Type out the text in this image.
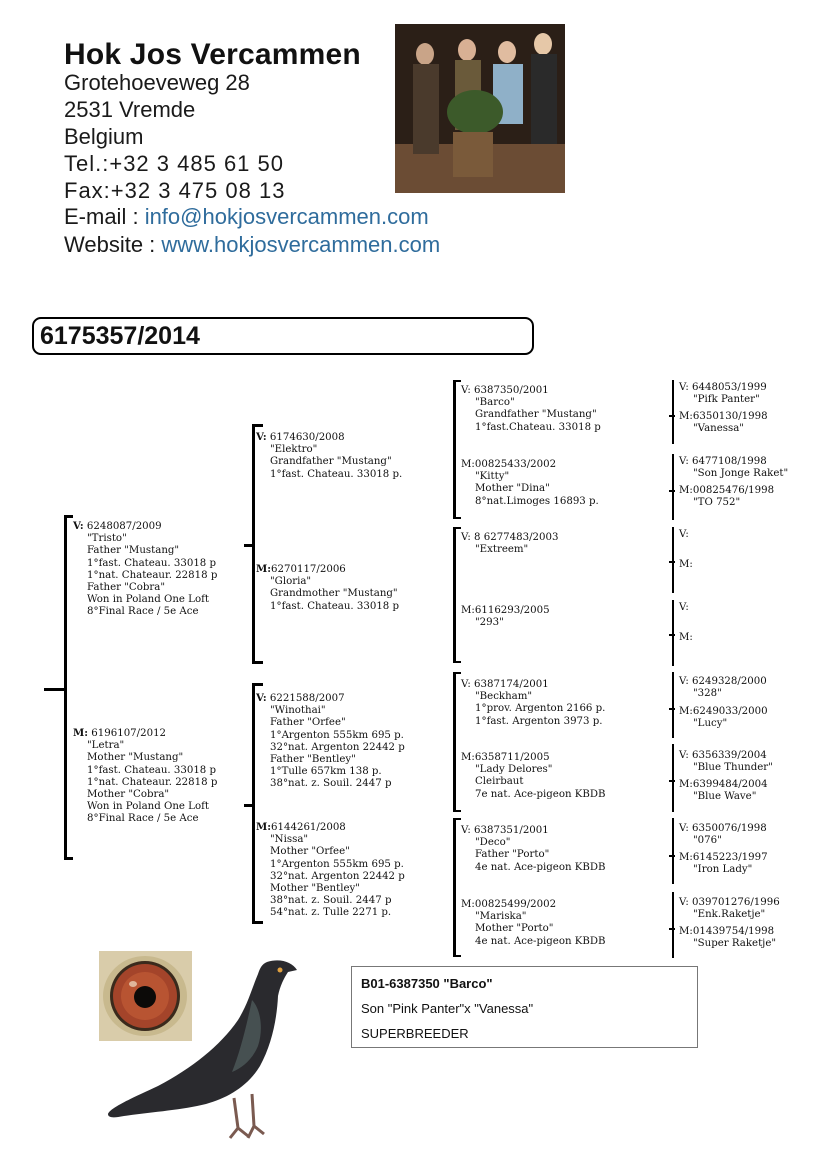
Hok Jos Vercammen
Grotehoeveweg 28
2531 Vremde
Belgium
Tel.:+32 3 485 61 50
Fax:+32 3 475 08 13
E-mail : info@hokjosvercammen.com
Website : www.hokjosvercammen.com
6175357/2014
V: 6248087/2009
"Tristo"
Father "Mustang"
1°fast. Chateau. 33018 p
1°nat. Chateaur. 22818 p
Father "Cobra"
Won in Poland One Loft
8°Final Race / 5e Ace
M: 6196107/2012
"Letra"
Mother "Mustang"
1°fast. Chateau. 33018 p
1°nat. Chateaur. 22818 p
Mother "Cobra"
Won in Poland One Loft
8°Final Race / 5e Ace
V: 6174630/2008
"Elektro"
Grandfather "Mustang"
1°fast. Chateau. 33018 p.
M:6270117/2006
"Gloria"
Grandmother "Mustang"
1°fast. Chateau. 33018 p
V: 6221588/2007
"Winothai"
Father "Orfee"
1°Argenton 555km 695 p.
32°nat. Argenton 22442 p
Father "Bentley"
1°Tulle 657km 138 p.
38°nat. z. Souil. 2447 p
M:6144261/2008
"Nissa"
Mother "Orfee"
1°Argenton 555km 695 p.
32°nat. Argenton 22442 p
Mother "Bentley"
38°nat. z. Souil. 2447 p
54°nat. z. Tulle 2271 p.
V: 6387350/2001
"Barco"
Grandfather "Mustang"
1°fast.Chateau. 33018 p
M:00825433/2002
"Kitty"
Mother "Dina"
8°nat.Limoges 16893 p.
V: 8 6277483/2003
"Extreem"
M:6116293/2005
"293"
V: 6387174/2001
"Beckham"
1°prov. Argenton 2166 p.
1°fast. Argenton 3973 p.
M:6358711/2005
"Lady Delores"
Cleirbaut
7e nat. Ace-pigeon KBDB
V: 6387351/2001
"Deco"
Father "Porto"
4e nat. Ace-pigeon KBDB
M:00825499/2002
"Mariska"
Mother "Porto"
4e nat. Ace-pigeon KBDB
V: 6448053/1999
"Pifk Panter"
M:6350130/1998
"Vanessa"
V: 6477108/1998
"Son Jonge Raket"
M:00825476/1998
"TO 752"
V:
M:
V:
M:
V: 6249328/2000
"328"
M:6249033/2000
"Lucy"
V: 6356339/2004
"Blue Thunder"
M:6399484/2004
"Blue Wave"
V: 6350076/1998
"076"
M:6145223/1997
"Iron Lady"
V: 039701276/1996
"Enk.Raketje"
M:01439754/1998
"Super Raketje"
B01-6387350 "Barco"
Son "Pink Panter"x "Vanessa"
SUPERBREEDER
